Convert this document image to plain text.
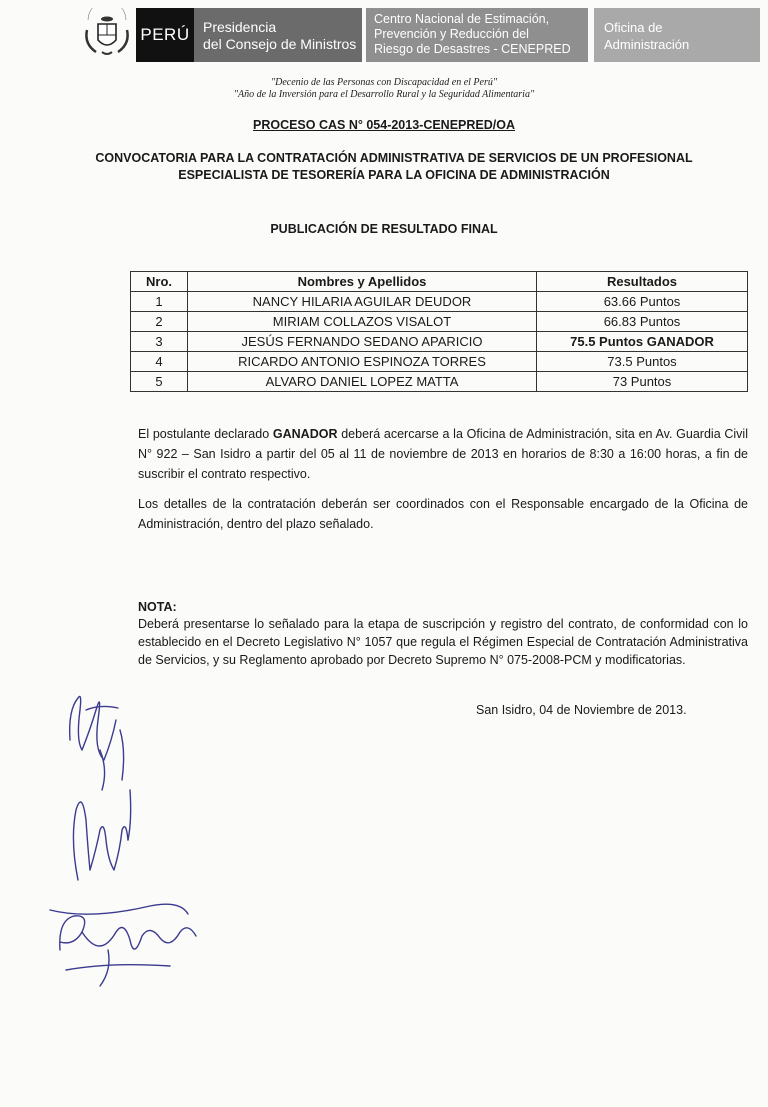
PERÚ Presidencia
del Consejo de Ministros
Centro Nacional de Estimación,
Prevención y Reducción del
Riesgo de Desastres - CENEPRED
Oficina de
Administración
"Decenio de las Personas con Discapacidad en el Perú"
"Año de la Inversión para el Desarrollo Rural y la Seguridad Alimentaria"
PROCESO CAS N° 054-2013-CENEPRED/OA
CONVOCATORIA PARA LA CONTRATACIÓN ADMINISTRATIVA DE SERVICIOS DE UN PROFESIONAL
ESPECIALISTA DE TESORERÍA PARA LA OFICINA DE ADMINISTRACIÓN
PUBLICACIÓN DE RESULTADO FINAL
Nro.	Nombres y Apellidos	Resultados
1	NANCY HILARIA AGUILAR DEUDOR	63.66 Puntos
2	MIRIAM COLLAZOS VISALOT	66.83 Puntos
3	JESÚS FERNANDO SEDANO APARICIO	75.5 Puntos GANADOR
4	RICARDO ANTONIO ESPINOZA TORRES	73.5 Puntos
5	ALVARO DANIEL LOPEZ MATTA	73 Puntos
El postulante declarado GANADOR deberá acercarse a la Oficina de Administración, sita en Av. Guardia Civil N° 922 – San Isidro a partir del 05 al 11 de noviembre de 2013 en horarios de 8:30 a 16:00 horas, a fin de suscribir el contrato respectivo.
Los detalles de la contratación deberán ser coordinados con el Responsable encargado de la Oficina de Administración, dentro del plazo señalado.
NOTA:
Deberá presentarse lo señalado para la etapa de suscripción y registro del contrato, de conformidad con lo establecido en el Decreto Legislativo N° 1057 que regula el Régimen Especial de Contratación Administrativa de Servicios, y su Reglamento aprobado por Decreto Supremo N° 075-2008-PCM y modificatorias.
San Isidro, 04 de Noviembre de 2013.
